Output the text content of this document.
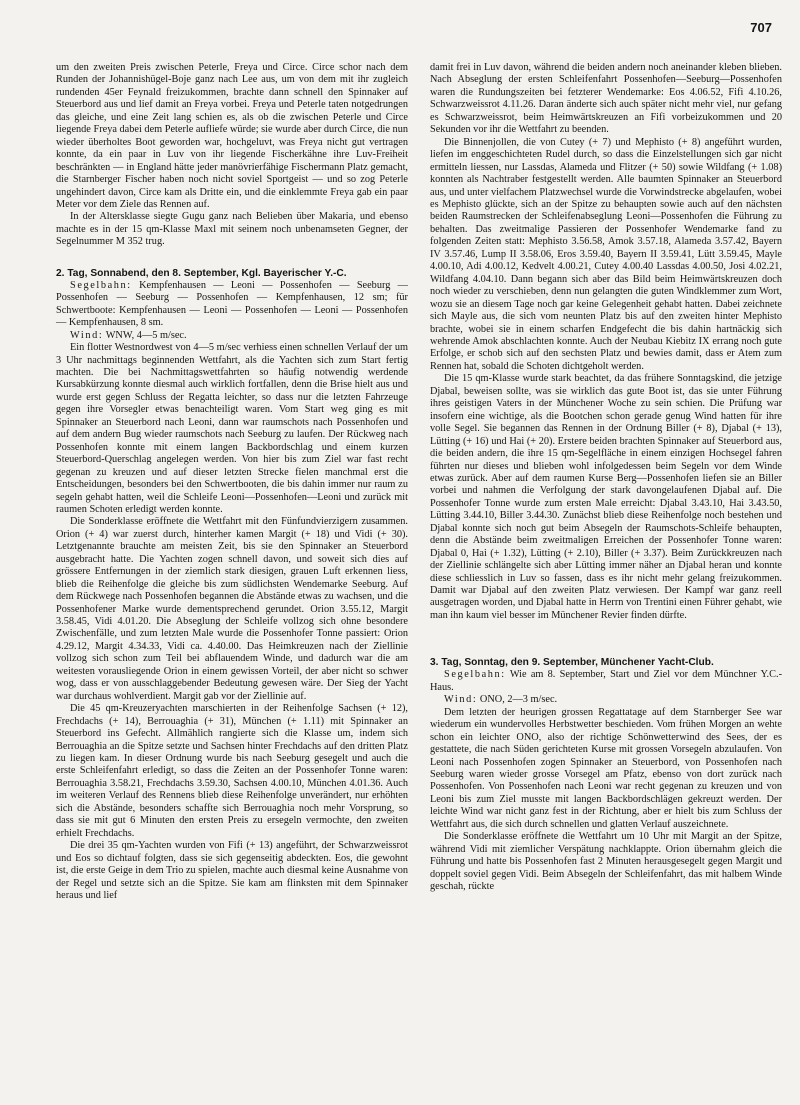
707

um den zweiten Preis zwischen Peterle, Freya und Circe. Circe schor nach dem Runden der Johannishügel-Boje ganz nach Lee aus, um von dem mit ihr zugleich rundenden 45er Feynald freizukommen, brachte dann schnell den Spinnaker auf Steuerbord aus und lief damit an Freya vorbei. Freya und Peterle taten notgedrungen das gleiche, und eine Zeit lang schien es, als ob die zwischen Peterle und Circe liegende Freya dabei dem Peterle aufliefe würde; sie wurde aber durch Circe, die nun wieder überholtes Boot geworden war, hochgeluvt, was Freya nicht gut vertragen konnte, da ein paar in Luv von ihr liegende Fischerkähne ihre Luv-Freiheit beschränkten — in England hätte jeder manövrierfähige Fischermann Platz gemacht, die Starnberger Fischer haben noch nicht soviel Sportgeist — und so zog Peterle ungehindert davon, Circe kam als Dritte ein, und die einklemmte Freya gab ein paar Meter vor dem Ziele das Rennen auf.

In der Altersklasse siegte Gugu ganz nach Belieben über Makaria, und ebenso machte es in der 15 qm-Klasse Maxl mit seinem noch unbenamseten Gegner, der Segelnummer M 352 trug.

2. Tag, Sonnabend, den 8. September, Kgl. Bayerischer Y.-C.

Segelbahn: Kempfenhausen — Leoni — Possenhofen — Seeburg — Possenhofen — Seeburg — Possenhofen — Kempfenhausen, 12 sm; für Schwertboote: Kempfenhausen — Leoni — Possenhofen — Leoni — Possenhofen — Kempfenhausen, 8 sm.

Wind: WNW, 4—5 m/sec.

Ein flotter Westnordwest von 4—5 m/sec verhiess einen schnellen Verlauf der um 3 Uhr nachmittags beginnenden Wettfahrt, als die Yachten sich zum Start fertig machten. Die bei Nachmittagswettfahrten so häufig notwendig werdende Kursabkürzung konnte diesmal auch wirklich fortfallen, denn die Brise hielt aus und wurde erst gegen Schluss der Regatta leichter, so dass nur die letzten Fahrzeuge gegen ihre Vorsegler etwas benachteiligt waren. Vom Start weg ging es mit Spinnaker an Steuerbord nach Leoni, dann war raumschots nach Possenhofen und auf dem andern Bug wieder raumschots nach Seeburg zu laufen. Der Rückweg nach Possenhofen konnte mit einem langen Backbordschlag und einem kurzen Steuerbord-Querschlag angelegen werden. Von hier bis zum Ziel war fast recht gegenan zu kreuzen und auf dieser letzten Strecke fielen manchmal erst die Entscheidungen, besonders bei den Schwertbooten, die bis dahin immer nur raum zu segeln gehabt hatten, weil die Schleife Leoni—Possenhofen—Leoni und zurück mit raumen Schoten erledigt werden konnte.

Die Sonderklasse eröffnete die Wettfahrt mit den Fünfundvierzigern zusammen. Orion (+ 4) war zuerst durch, hinterher kamen Margit (+ 18) und Vidi (+ 30). Letztgenannte brauchte am meisten Zeit, bis sie den Spinnaker an Steuerbord ausgebracht hatte. Die Yachten zogen schnell davon, und soweit sich dies auf grössere Entfernungen in der ziemlich stark diesigen, grauen Luft erkennen liess, blieb die Reihenfolge die gleiche bis zum südlichsten Wendemarke Seeburg. Auf dem Rückwege nach Possenhofen begannen die Abstände etwas zu wachsen, und die Possenhofener Marke wurde dementsprechend gerundet. Orion 3.55.12, Margit 3.58.45, Vidi 4.01.20. Die Abseglung der Schleife vollzog sich ohne besondere Zwischenfälle, und zum letzten Male wurde die Possenhofer Tonne passiert: Orion 4.29.12, Margit 4.34.33, Vidi ca. 4.40.00. Das Heimkreuzen nach der Ziellinie vollzog sich schon zum Teil bei abflauendem Winde, und dadurch war die am weitesten vorausliegende Orion in einem gewissen Vorteil, der aber nicht so schwer wog, dass er von ausschlaggebender Bedeutung gewesen wäre. Der Sieg der Yacht war durchaus wohlverdient. Margit gab vor der Ziellinie auf.

Die 45 qm-Kreuzeryachten marschierten in der Reihenfolge Sachsen (+ 12), Frechdachs (+ 14), Berrouaghia (+ 31), München (+ 1.11) mit Spinnaker an Steuerbord ins Gefecht. Allmählich rangierte sich die Klasse um, indem sich Berrouaghia an die Spitze setzte und Sachsen hinter Frechdachs auf den dritten Platz zu liegen kam. In dieser Ordnung wurde bis nach Seeburg gesegelt und auch die erste Schleifenfahrt erledigt, so dass die Zeiten an der Possenhofer Tonne waren: Berrouaghia 3.58.21, Frechdachs 3.59.30, Sachsen 4.00.10, München 4.01.36. Auch im weiteren Verlauf des Rennens blieb diese Reihenfolge unverändert, nur erhöhten sich die Abstände, besonders schaffte sich Berrouaghia noch mehr Vorsprung, so dass sie mit gut 6 Minuten den ersten Preis zu ersegeln vermochte, den zweiten erhielt Frechdachs.

Die drei 35 qm-Yachten wurden von Fifi (+ 13) angeführt, der Schwarzweissrot und Eos so dichtauf folgten, dass sie sich gegenseitig abdeckten. Eos, die gewohnt ist, die erste Geige in dem Trio zu spielen, machte auch diesmal keine Ausnahme von der Regel und setzte sich an die Spitze. Sie kam am flinksten mit dem Spinnaker heraus und lief

damit frei in Luv davon, während die beiden andern noch aneinander kleben blieben. Nach Abseglung der ersten Schleifenfahrt Possenhofen—Seeburg—Possenhofen waren die Rundungszeiten bei fetzterer Wendemarke: Eos 4.06.52, Fifi 4.10.26, Schwarzweissrot 4.11.26. Daran änderte sich auch später nicht mehr viel, nur gefang es Schwarzweissrot, beim Heimwärtskreuzen an Fifi vorbeizukommen und 20 Sekunden vor ihr die Wettfahrt zu beenden.

Die Binnenjollen, die von Cutey (+ 7) und Mephisto (+ 8) angeführt wurden, liefen im enggeschichteten Rudel durch, so dass die Einzelstellungen sich gar nicht ermitteln liessen, nur Lassdas, Alameda und Flitzer (+ 50) sowie Wildfang (+ 1.08) konnten als Nachtraber festgestellt werden. Alle baumten Spinnaker an Steuerbord aus, und unter vielfachem Platzwechsel wurde die Vorwindstrecke abgelaufen, wobei es Mephisto glückte, sich an der Spitze zu behaupten sowie auch auf den nächsten beiden Raumstrecken der Schleifenabseglung Leoni—Possenhofen die Führung zu behalten. Das zweitmalige Passieren der Possenhofer Wendemarke fand zu folgenden Zeiten statt: Mephisto 3.56.58, Amok 3.57.18, Alameda 3.57.42, Bayern IV 3.57.46, Lump II 3.58.06, Eros 3.59.40, Bayern II 3.59.41, Lütt 3.59.45, Mayle 4.00.10, Adi 4.00.12, Kedvelt 4.00.21, Cutey 4.00.40 Lassdas 4.00.50, Josi 4.02.21, Wildfang 4.04.10. Dann begann sich aber das Bild beim Heimwärtskreuzen doch noch wieder zu verschieben, denn nun gelangten die guten Windklemmer zum Wort, wozu sie an diesem Tage noch gar keine Gelegenheit gehabt hatten. Dabei zeichnete sich Mayle aus, die sich vom neunten Platz bis auf den zweiten hinter Mephisto brachte, wobei sie in einem scharfen Endgefecht die bis dahin hartnäckig sich wehrende Amok abschlachten konnte. Auch der Neubau Kiebitz IX errang noch gute Erfolge, er schob sich auf den sechsten Platz und bewies damit, dass er Atem zum Rennen hat, sobald die Schoten dichtgeholt werden.

Die 15 qm-Klasse wurde stark beachtet, da das frühere Sonntagskind, die jetzige Djabal, beweisen sollte, was sie wirklich das gute Boot ist, das sie unter Führung ihres geistigen Vaters in der Münchener Woche zu sein schien. Die Prüfung war insofern eine wichtige, als die Bootchen schon gerade genug Wind hatten für ihre volle Segel. Sie begannen das Rennen in der Ordnung Biller (+ 8), Djabal (+ 13), Lütting (+ 16) und Hai (+ 20). Erstere beiden brachten Spinnaker auf Steuerbord aus, die beiden andern, die ihre 15 qm-Segelfläche in einem einzigen Hochsegel fahren führten nur dieses und blieben wohl infolgedessen beim Segeln vor dem Winde etwas zurück. Aber auf dem raumen Kurse Berg—Possenhofen liefen sie an Biller vorbei und nahmen die Verfolgung der stark davongelaufenen Djabal auf. Die Possenhofer Tonne wurde zum ersten Male erreicht: Djabal 3.43.10, Hai 3.43.50, Lütting 3.44.10, Biller 3.44.30. Zunächst blieb diese Reihenfolge noch bestehen und Djabal konnte sich noch gut beim Absegeln der Raumschots-Schleife behaupten, denn die Abstände beim zweitmaligen Erreichen der Possenhofer Tonne waren: Djabal 0, Hai (+ 1.32), Lütting (+ 2.10), Biller (+ 3.37). Beim Zurückkreuzen nach der Ziellinie schlängelte sich aber Lütting immer näher an Djabal heran und konnte diese schliesslich in Luv so fassen, dass es ihr nicht mehr gelang freizukommen. Damit war Djabal auf den zweiten Platz verwiesen. Der Kampf war ganz reell ausgetragen worden, und Djabal hatte in Herrn von Trentini einen Führer gehabt, wie man ihn kaum viel besser im Münchener Revier finden dürfte.

3. Tag, Sonntag, den 9. September, Münchener Yacht-Club.

Segelbahn: Wie am 8. September, Start und Ziel vor dem Münchner Y.C.-Haus.

Wind: ONO, 2—3 m/sec.

Dem letzten der heurigen grossen Regattatage auf dem Starnberger See war wiederum ein wundervolles Herbstwetter beschieden. Vom frühen Morgen an wehte schon ein leichter ONO, also der richtige Schönwetterwind des Sees, der es gestattete, die nach Süden gerichteten Kurse mit grossen Vorsegeln abzulaufen. Von Leoni nach Possenhofen zogen Spinnaker an Steuerbord, von Possenhofen nach Seeburg waren wieder grosse Vorsegel am Pfatz, ebenso von dort zurück nach Possenhofen. Von Possenhofen nach Leoni war recht gegenan zu kreuzen und von Leoni bis zum Ziel musste mit langen Backbordschlägen gekreuzt werden. Der leichte Wind war nicht ganz fest in der Richtung, aber er hielt bis zum Schluss der Wettfahrt aus, die sich durch schnellen und glatten Verlauf auszeichnete.

Die Sonderklasse eröffnete die Wettfahrt um 10 Uhr mit Margit an der Spitze, während Vidi mit ziemlicher Verspätung nachklappte. Orion übernahm gleich die Führung und hatte bis Possenhofen fast 2 Minuten herausgesegelt gegen Margit und doppelt soviel gegen Vidi. Beim Absegeln der Schleifenfahrt, das mit halbem Winde geschah, rückte
